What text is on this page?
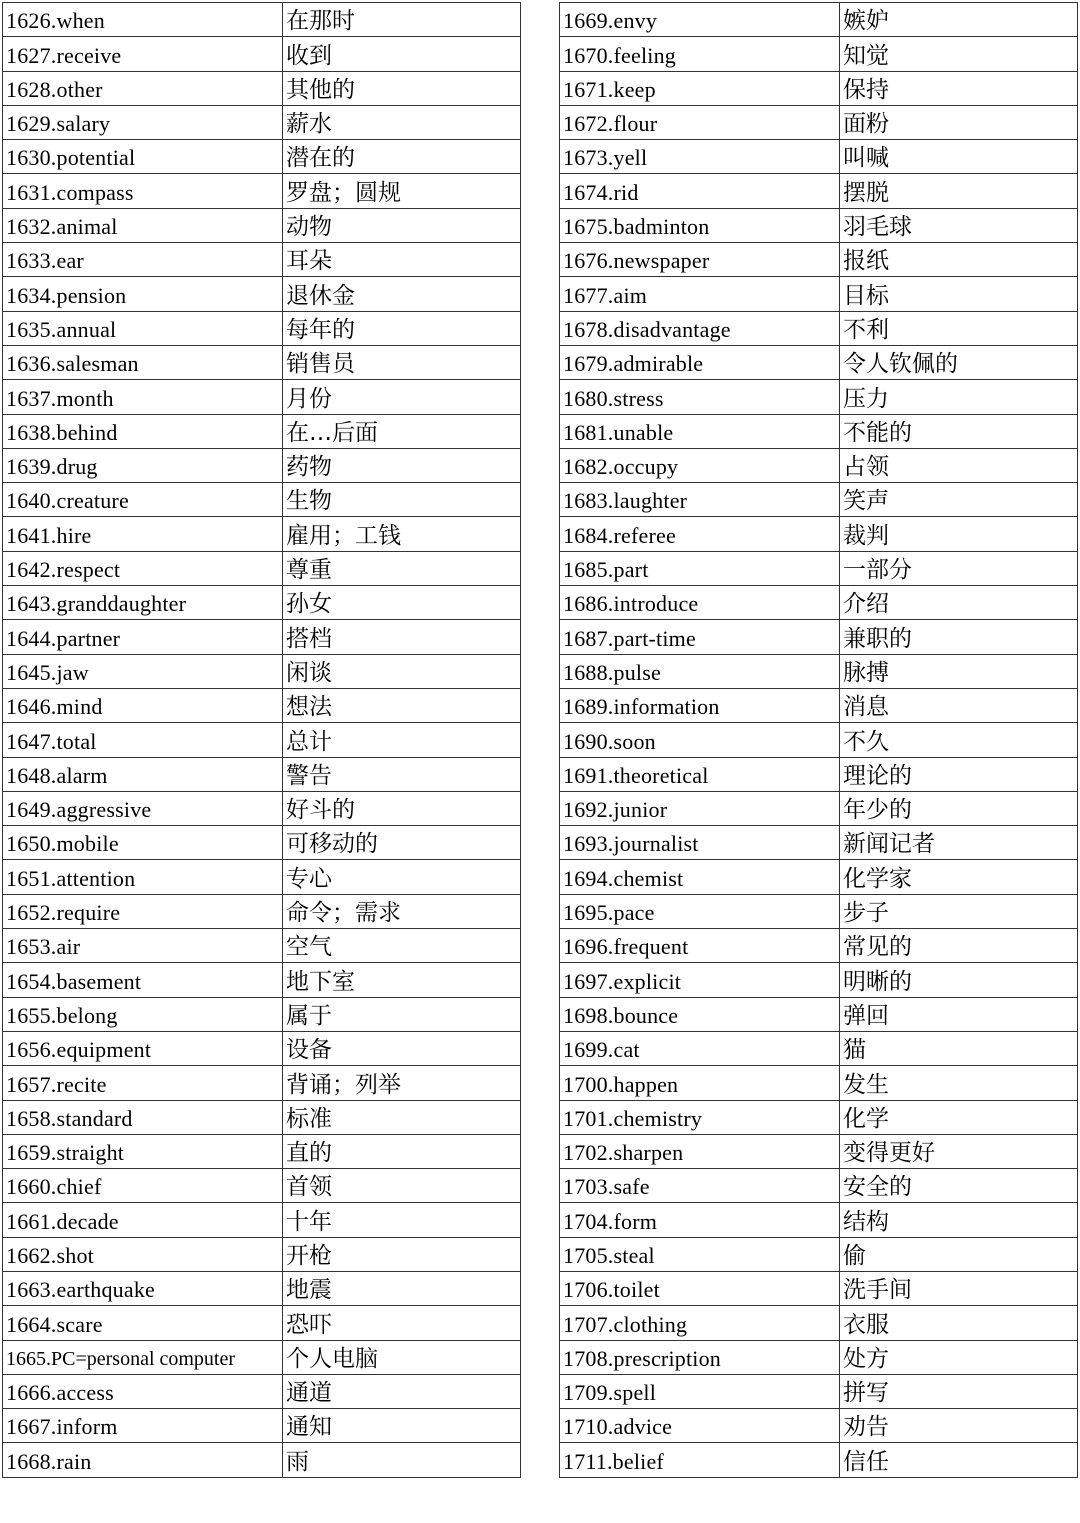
1626.when	在那时
1627.receive	收到
1628.other	其他的
1629.salary	薪水
1630.potential	潜在的
1631.compass	罗盘；圆规
1632.animal	动物
1633.ear	耳朵
1634.pension	退休金
1635.annual	每年的
1636.salesman	销售员
1637.month	月份
1638.behind	在…后面
1639.drug	药物
1640.creature	生物
1641.hire	雇用；工钱
1642.respect	尊重
1643.granddaughter	孙女
1644.partner	搭档
1645.jaw	闲谈
1646.mind	想法
1647.total	总计
1648.alarm	警告
1649.aggressive	好斗的
1650.mobile	可移动的
1651.attention	专心
1652.require	命令；需求
1653.air	空气
1654.basement	地下室
1655.belong	属于
1656.equipment	设备
1657.recite	背诵；列举
1658.standard	标准
1659.straight	直的
1660.chief	首领
1661.decade	十年
1662.shot	开枪
1663.earthquake	地震
1664.scare	恐吓
1665.PC=personal computer	个人电脑
1666.access	通道
1667.inform	通知
1668.rain	雨
1669.envy	嫉妒
1670.feeling	知觉
1671.keep	保持
1672.flour	面粉
1673.yell	叫喊
1674.rid	摆脱
1675.badminton	羽毛球
1676.newspaper	报纸
1677.aim	目标
1678.disadvantage	不利
1679.admirable	令人钦佩的
1680.stress	压力
1681.unable	不能的
1682.occupy	占领
1683.laughter	笑声
1684.referee	裁判
1685.part	一部分
1686.introduce	介绍
1687.part-time	兼职的
1688.pulse	脉搏
1689.information	消息
1690.soon	不久
1691.theoretical	理论的
1692.junior	年少的
1693.journalist	新闻记者
1694.chemist	化学家
1695.pace	步子
1696.frequent	常见的
1697.explicit	明晰的
1698.bounce	弹回
1699.cat	猫
1700.happen	发生
1701.chemistry	化学
1702.sharpen	变得更好
1703.safe	安全的
1704.form	结构
1705.steal	偷
1706.toilet	洗手间
1707.clothing	衣服
1708.prescription	处方
1709.spell	拼写
1710.advice	劝告
1711.belief	信任
